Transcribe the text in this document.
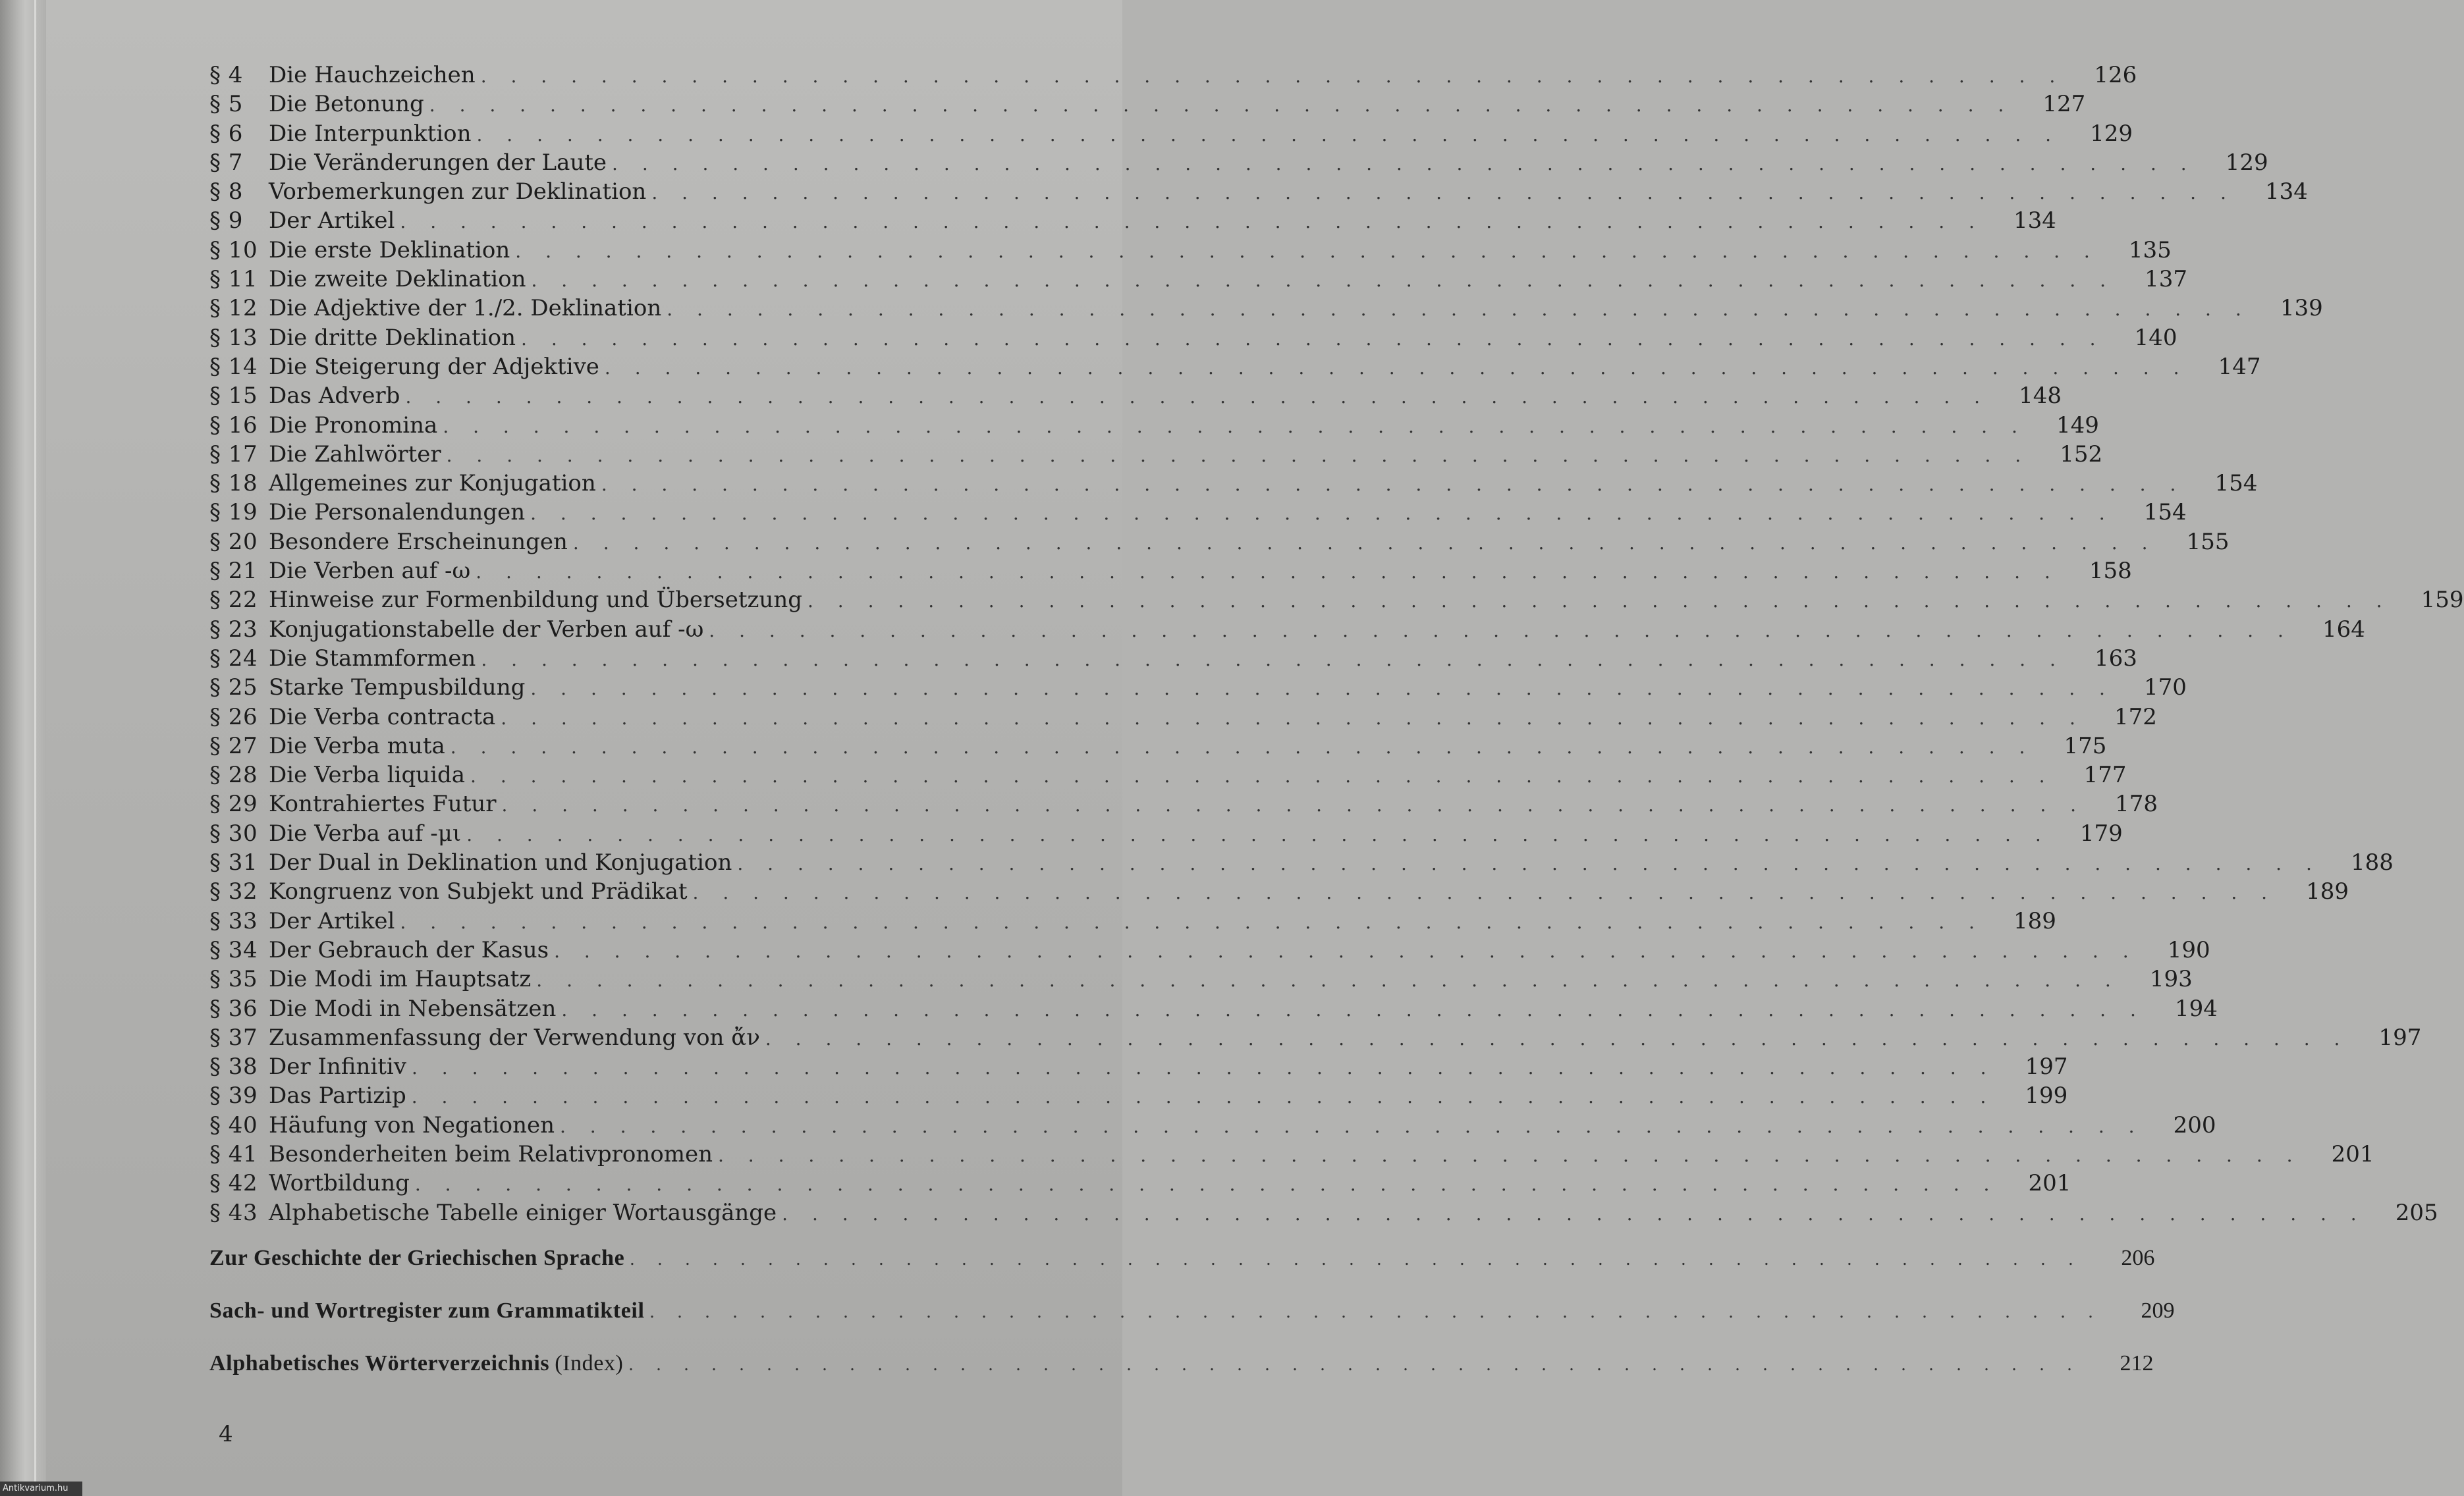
§ 4	Die Hauchzeichen . . . . . . . . . . . . . . . . . . . . . . . . . . . . . . . . . . . . . . . . . . . . . . . . . . . . .	126
§ 5	Die Betonung . . . . . . . . . . . . . . . . . . . . . . . . . . . . . . . . . . . . . . . . . . . . . . . . . . . . .	127
§ 6	Die Interpunktion . . . . . . . . . . . . . . . . . . . . . . . . . . . . . . . . . . . . . . . . . . . . . . . . . . . . .	129
§ 7	Die Veränderungen der Laute . . . . . . . . . . . . . . . . . . . . . . . . . . . . . . . . . . . . . . . . . . . . . . . . . . . . .	129
§ 8	Vorbemerkungen zur Deklination . . . . . . . . . . . . . . . . . . . . . . . . . . . . . . . . . . . . . . . . . . . . . . . . . . . . .	134
§ 9	Der Artikel . . . . . . . . . . . . . . . . . . . . . . . . . . . . . . . . . . . . . . . . . . . . . . . . . . . . .	134
§ 10 Die erste Deklination . . . . . . . . . . . . . . . . . . . . . . . . . . . . . . . . . . . . . . . . . . . . . . . . . . . . .	135
§ 11 Die zweite Deklination . . . . . . . . . . . . . . . . . . . . . . . . . . . . . . . . . . . . . . . . . . . . . . . . . . . . .	137
§ 12 Die Adjektive der 1./2. Deklination . . . . . . . . . . . . . . . . . . . . . . . . . . . . . . . . . . . . . . . . . . . . . . . . . . . . .	139
§ 13 Die dritte Deklination . . . . . . . . . . . . . . . . . . . . . . . . . . . . . . . . . . . . . . . . . . . . . . . . . . . . .	140
§ 14 Die Steigerung der Adjektive . . . . . . . . . . . . . . . . . . . . . . . . . . . . . . . . . . . . . . . . . . . . . . . . . . . . .	147
§ 15 Das Adverb . . . . . . . . . . . . . . . . . . . . . . . . . . . . . . . . . . . . . . . . . . . . . . . . . . . . .	148
§ 16 Die Pronomina . . . . . . . . . . . . . . . . . . . . . . . . . . . . . . . . . . . . . . . . . . . . . . . . . . . . .	149
§ 17 Die Zahlwörter . . . . . . . . . . . . . . . . . . . . . . . . . . . . . . . . . . . . . . . . . . . . . . . . . . . . .	152
§ 18 Allgemeines zur Konjugation . . . . . . . . . . . . . . . . . . . . . . . . . . . . . . . . . . . . . . . . . . . . . . . . . . . . .	154
§ 19 Die Personalendungen . . . . . . . . . . . . . . . . . . . . . . . . . . . . . . . . . . . . . . . . . . . . . . . . . . . . .	154
§ 20 Besondere Erscheinungen . . . . . . . . . . . . . . . . . . . . . . . . . . . . . . . . . . . . . . . . . . . . . . . . . . . . .	155
§ 21 Die Verben auf -ω . . . . . . . . . . . . . . . . . . . . . . . . . . . . . . . . . . . . . . . . . . . . . . . . . . . . .	158
§ 22 Hinweise zur Formenbildung und Übersetzung . . . . . . . . . . . . . . . . . . . . . . . . . . . . . . . . . . . . . . . . . . . . . . . . . . . . .	159
§ 23 Konjugationstabelle der Verben auf -ω . . . . . . . . . . . . . . . . . . . . . . . . . . . . . . . . . . . . . . . . . . . . . . . . . . . . .	164
§ 24 Die Stammformen . . . . . . . . . . . . . . . . . . . . . . . . . . . . . . . . . . . . . . . . . . . . . . . . . . . . .	163
§ 25 Starke Tempusbildung . . . . . . . . . . . . . . . . . . . . . . . . . . . . . . . . . . . . . . . . . . . . . . . . . . . . .	170
§ 26 Die Verba contracta . . . . . . . . . . . . . . . . . . . . . . . . . . . . . . . . . . . . . . . . . . . . . . . . . . . . .	172
§ 27 Die Verba muta . . . . . . . . . . . . . . . . . . . . . . . . . . . . . . . . . . . . . . . . . . . . . . . . . . . . .	175
§ 28 Die Verba liquida . . . . . . . . . . . . . . . . . . . . . . . . . . . . . . . . . . . . . . . . . . . . . . . . . . . . .	177
§ 29 Kontrahiertes Futur . . . . . . . . . . . . . . . . . . . . . . . . . . . . . . . . . . . . . . . . . . . . . . . . . . . . .	178
§ 30 Die Verba auf -μι . . . . . . . . . . . . . . . . . . . . . . . . . . . . . . . . . . . . . . . . . . . . . . . . . . . . .	179
§ 31 Der Dual in Deklination und Konjugation . . . . . . . . . . . . . . . . . . . . . . . . . . . . . . . . . . . . . . . . . . . . . . . . . . . . .	188
§ 32 Kongruenz von Subjekt und Prädikat . . . . . . . . . . . . . . . . . . . . . . . . . . . . . . . . . . . . . . . . . . . . . . . . . . . . .	189
§ 33 Der Artikel . . . . . . . . . . . . . . . . . . . . . . . . . . . . . . . . . . . . . . . . . . . . . . . . . . . . .	189
§ 34 Der Gebrauch der Kasus . . . . . . . . . . . . . . . . . . . . . . . . . . . . . . . . . . . . . . . . . . . . . . . . . . . . .	190
§ 35 Die Modi im Hauptsatz . . . . . . . . . . . . . . . . . . . . . . . . . . . . . . . . . . . . . . . . . . . . . . . . . . . . .	193
§ 36 Die Modi in Nebensätzen . . . . . . . . . . . . . . . . . . . . . . . . . . . . . . . . . . . . . . . . . . . . . . . . . . . . .	194
§ 37 Zusammenfassung der Verwendung von ἄν . . . . . . . . . . . . . . . . . . . . . . . . . . . . . . . . . . . . . . . . . . . . . . . . . . . . .	197
§ 38 Der Infinitiv . . . . . . . . . . . . . . . . . . . . . . . . . . . . . . . . . . . . . . . . . . . . . . . . . . . . .	197
§ 39 Das Partizip . . . . . . . . . . . . . . . . . . . . . . . . . . . . . . . . . . . . . . . . . . . . . . . . . . . . .	199
§ 40 Häufung von Negationen . . . . . . . . . . . . . . . . . . . . . . . . . . . . . . . . . . . . . . . . . . . . . . . . . . . . .	200
§ 41 Besonderheiten beim Relativpronomen . . . . . . . . . . . . . . . . . . . . . . . . . . . . . . . . . . . . . . . . . . . . . . . . . . . . .	201
§ 42 Wortbildung . . . . . . . . . . . . . . . . . . . . . . . . . . . . . . . . . . . . . . . . . . . . . . . . . . . . .	201
§ 43 Alphabetische Tabelle einiger Wortausgänge . . . . . . . . . . . . . . . . . . . . . . . . . . . . . . . . . . . . . . . . . . . . . . . . . . . . .	205
Zur Geschichte der Griechischen Sprache . . . . . . . . . . . . . . . . . . . . . . . . . . . . . . . . . . . . . . . . . . . . . . . . . . . . .	206
Sach- und Wortregister zum Grammatikteil . . . . . . . . . . . . . . . . . . . . . . . . . . . . . . . . . . . . . . . . . . . . . . . . . . . . .	209
Alphabetisches Wörterverzeichnis (Index) . . . . . . . . . . . . . . . . . . . . . . . . . . . . . . . . . . . . . . . . . . . . . . . . . . . . .	212
4
Antikvarium.hu
